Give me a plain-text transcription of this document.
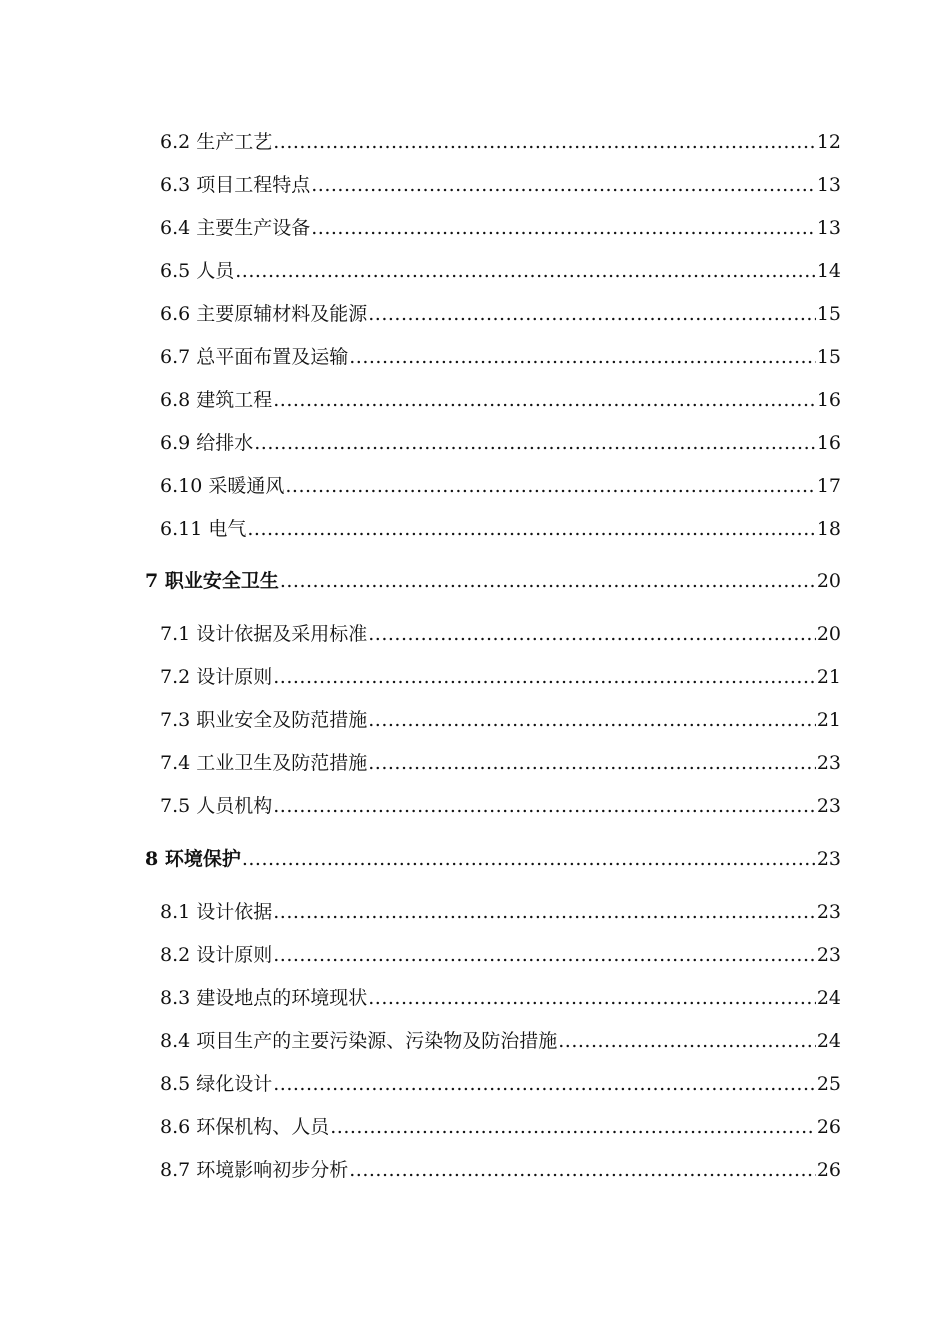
6.2 生产工艺 .....	12
6.3 项目工程特点 .....	13
6.4 主要生产设备 .....	13
6.5 人员 .....	14
6.6 主要原辅材料及能源 .....	15
6.7 总平面布置及运输 .....	15
6.8 建筑工程 .....	16
6.9 给排水 .....	16
6.10 采暖通风 .....	17
6.11 电气 .....	18
7 职业安全卫生 .....	20
7.1 设计依据及采用标准 .....	20
7.2 设计原则 .....	21
7.3 职业安全及防范措施 .....	21
7.4 工业卫生及防范措施 .....	23
7.5 人员机构 .....	23
8 环境保护 .....	23
8.1 设计依据 .....	23
8.2 设计原则 .....	23
8.3 建设地点的环境现状 .....	24
8.4 项目生产的主要污染源、污染物及防治措施 .....	24
8.5 绿化设计 .....	25
8.6 环保机构、人员 .....	26
8.7 环境影响初步分析 .....	26
